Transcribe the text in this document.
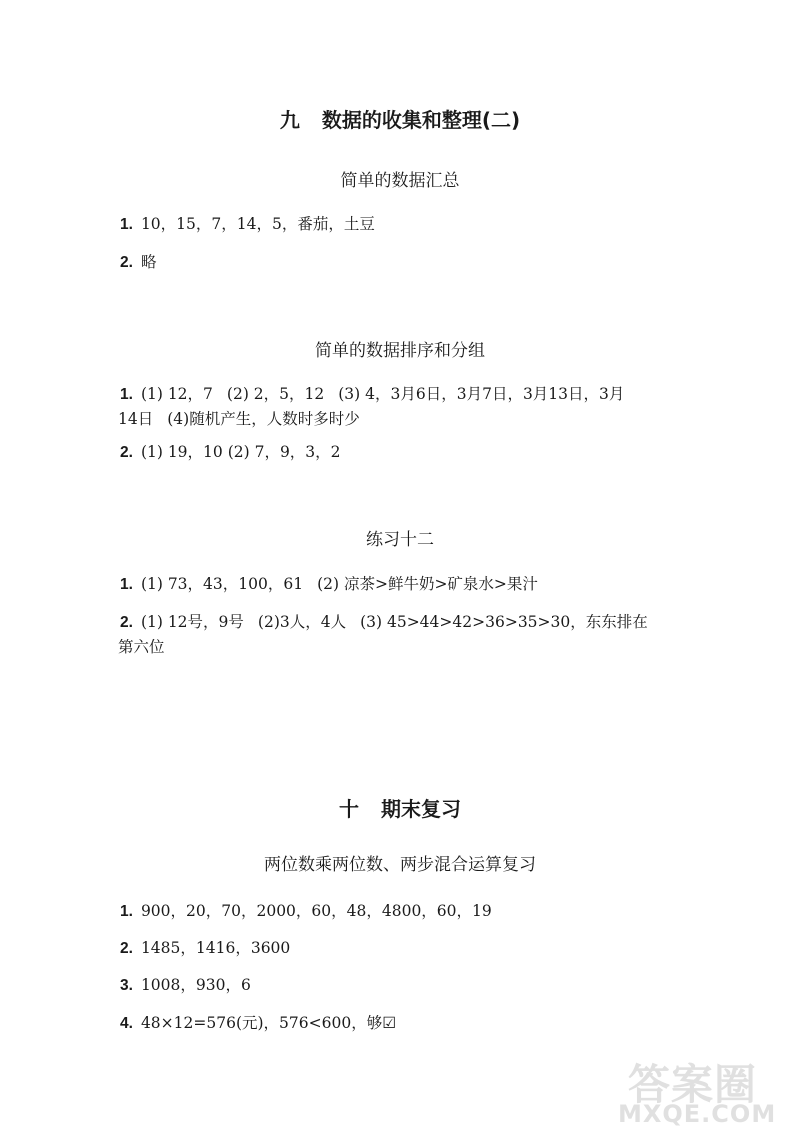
九 数据的收集和整理(二)
简单的数据汇总
1. 10，15，7，14，5，番茄，土豆
2. 略
简单的数据排序和分组
1. (1) 12，7 (2) 2，5，12 (3) 4，3月6日，3月7日，3月13日，3月
14日 (4)随机产生，人数时多时少
2. (1) 19，10 (2) 7，9，3，2
练习十二
1. (1) 73，43，100，61 (2) 凉茶>鲜牛奶>矿泉水>果汁
2. (1) 12号，9号 (2)3人，4人 (3) 45>44>42>36>35>30，东东排在
第六位
十 期末复习
两位数乘两位数、两步混合运算复习
1. 900，20，70，2000，60，48，4800，60，19
2. 1485，1416，3600
3. 1008，930，6
4. 48×12=576(元)，576<600，够☑
答案圈
MXQE.COM
